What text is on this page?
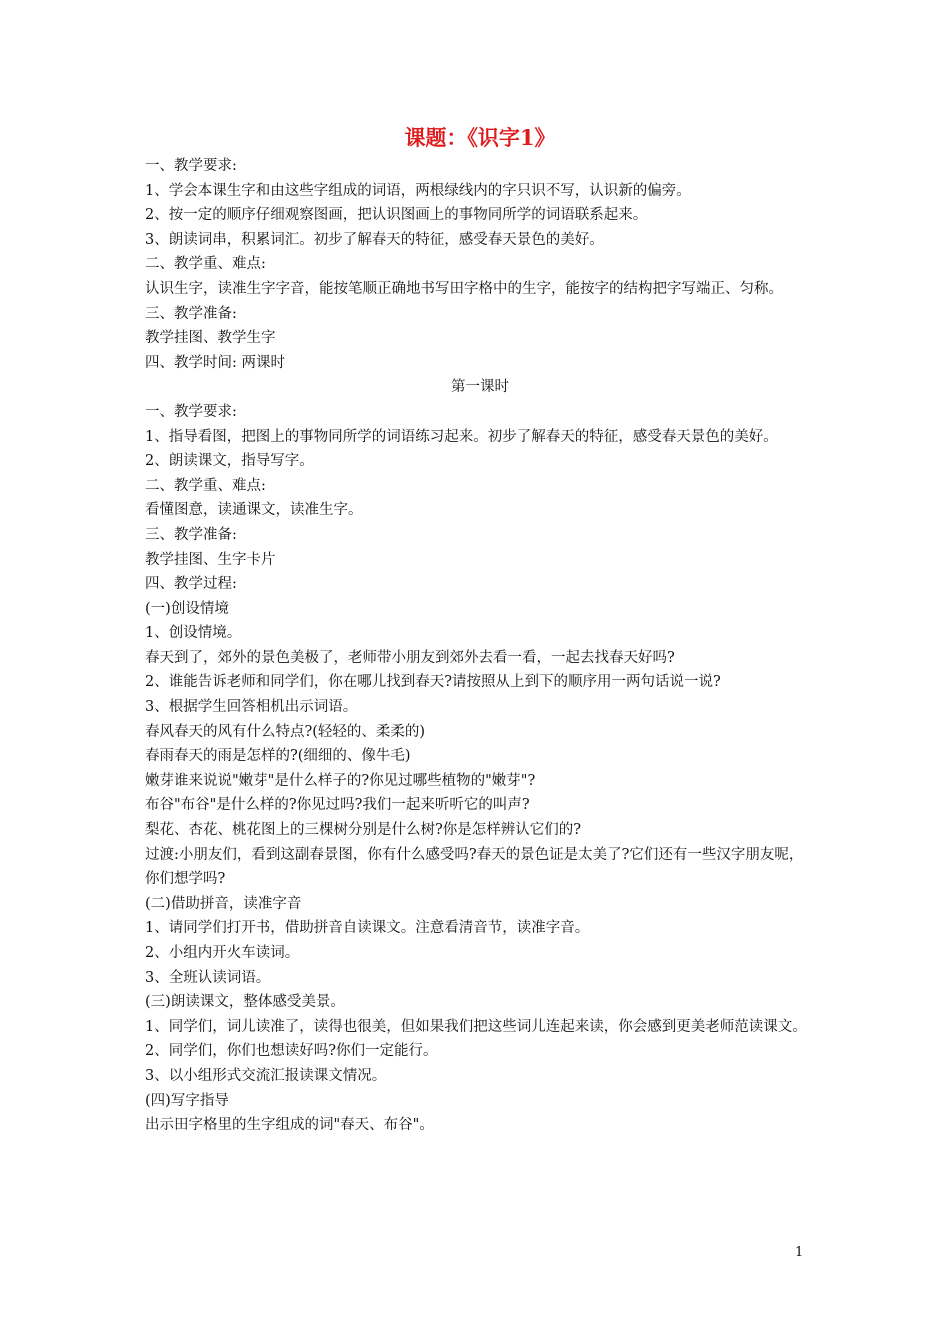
课题：《识字1》

一、教学要求:

1、学会本课生字和由这些字组成的词语，两根绿线内的字只识不写，认识新的偏旁。

2、按一定的顺序仔细观察图画，把认识图画上的事物同所学的词语联系起来。

3、朗读词串，积累词汇。初步了解春天的特征，感受春天景色的美好。

二、教学重、难点:

认识生字，读准生字字音，能按笔顺正确地书写田字格中的生字，能按字的结构把字写端正、匀称。

三、教学准备:

教学挂图、教学生字

四、教学时间: 两课时

第一课时

一、教学要求:

1、指导看图，把图上的事物同所学的词语练习起来。初步了解春天的特征，感受春天景色的美好。

2、朗读课文，指导写字。

二、教学重、难点:

看懂图意，读通课文，读准生字。

三、教学准备:

教学挂图、生字卡片

四、教学过程:

(一)创设情境

1、创设情境。

春天到了，郊外的景色美极了，老师带小朋友到郊外去看一看，一起去找春天好吗?

2、谁能告诉老师和同学们，你在哪儿找到春天?请按照从上到下的顺序用一两句话说一说?

3、根据学生回答相机出示词语。

春风春天的风有什么特点?(轻轻的、柔柔的)

春雨春天的雨是怎样的?(细细的、像牛毛)

嫩芽谁来说说"嫩芽"是什么样子的?你见过哪些植物的"嫩芽"?

布谷"布谷"是什么样的?你见过吗?我们一起来听听它的叫声?

梨花、杏花、桃花图上的三棵树分别是什么树?你是怎样辨认它们的?

过渡:小朋友们，看到这副春景图，你有什么感受吗?春天的景色证是太美了?它们还有一些汉字朋友呢，你们想学吗?

(二)借助拼音，读准字音

1、请同学们打开书，借助拼音自读课文。注意看清音节，读准字音。

2、小组内开火车读词。

3、全班认读词语。

(三)朗读课文，整体感受美景。

1、同学们，词儿读准了，读得也很美，但如果我们把这些词儿连起来读，你会感到更美老师范读课文。

2、同学们，你们也想读好吗?你们一定能行。

3、以小组形式交流汇报读课文情况。

(四)写字指导

出示田字格里的生字组成的词"春天、布谷"。

1
